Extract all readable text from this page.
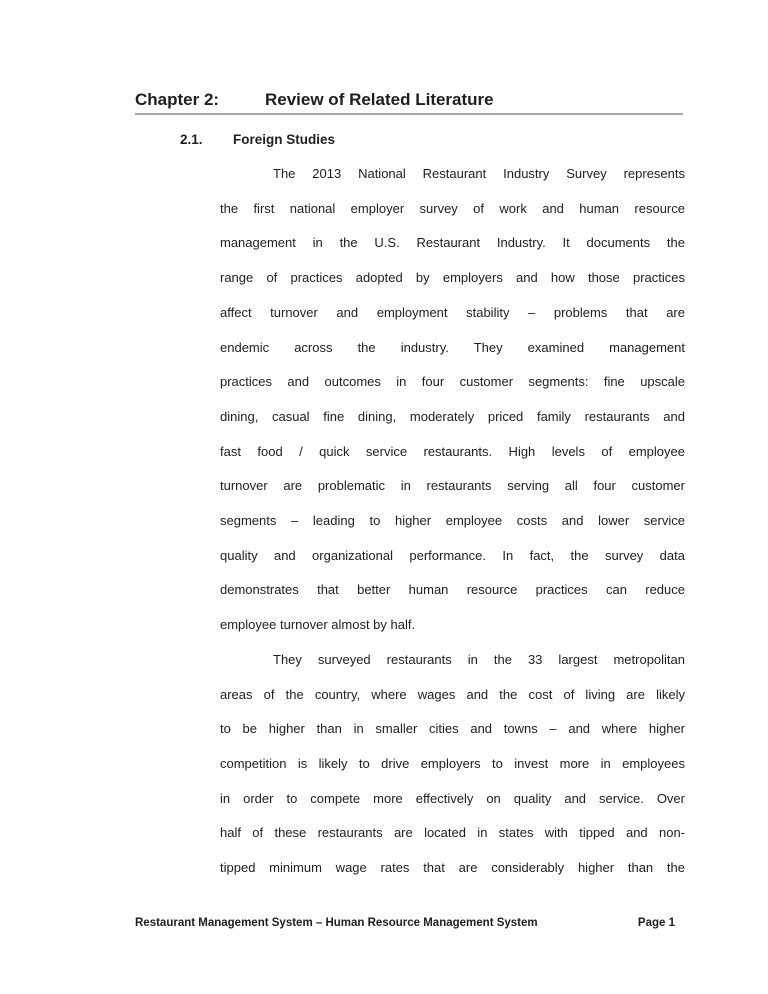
Chapter 2:	Review of Related Literature
2.1.	Foreign Studies
The 2013 National Restaurant Industry Survey represents
the first national employer survey of work and human resource
management in the U.S. Restaurant Industry. It documents the
range of practices adopted by employers and how those practices
affect turnover and employment stability – problems that are
endemic across the industry. They examined management
practices and outcomes in four customer segments: fine upscale
dining, casual fine dining, moderately priced family restaurants and
fast food / quick service restaurants. High levels of employee
turnover are problematic in restaurants serving all four customer
segments – leading to higher employee costs and lower service
quality and organizational performance. In fact, the survey data
demonstrates that better human resource practices can reduce
employee turnover almost by half.
They surveyed restaurants in the 33 largest metropolitan
areas of the country, where wages and the cost of living are likely
to be higher than in smaller cities and towns – and where higher
competition is likely to drive employers to invest more in employees
in order to compete more effectively on quality and service. Over
half of these restaurants are located in states with tipped and non-
tipped minimum wage rates that are considerably higher than the
Restaurant Management System – Human Resource Management System	Page 1
